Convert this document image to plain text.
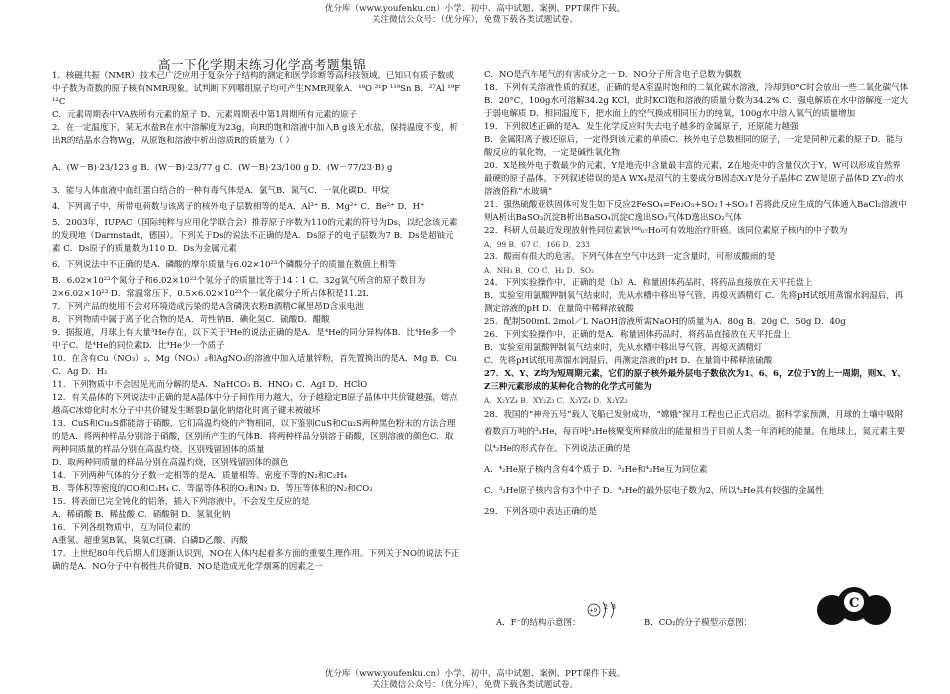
优分库（www.youfenku.cn）小学、初中、高中试题、案例、PPT课件下载。
关注微信公众号：（优分库），免费下载各类试题试卷。
高一下化学期末练习化学高考题集锦
1．核磁共振（NMR）技术已广泛应用于复杂分子结构的测定和医学诊断等高科技领域。已知只有质子数或中子数为奇数的原子核有NMR现象。试判断下列哪组原子均可产生NMR现象A．¹⁸O ³¹P ¹¹⁹Sn B．²⁷Al ¹⁹F ¹²C
C．元素周期表中VA族所有元素的原子 D．元素周期表中第1周期所有元素的原子
2．在一定温度下，某无水盐R在水中溶解度为23g，向R的饱和溶液中加入B g该无水盐，保持温度不变，析出R的结晶水合物Wg，从原饱和溶液中析出溶质R的质量为（ ）
A．(W－B)·23/123 g B．(W－B)·23/77 g C．(W－B)·23/100 g D．(W－77/23·B) g
3．能与人体血液中血红蛋白结合的一种有毒气体是A．氯气B．氮气C．一氧化碳D．甲烷
4．下列离子中，所带电荷数与该离子的核外电子层数相等的是A．Al³⁺ B．Mg²⁺ C．Be²⁺ D．H⁺
5．2003年，IUPAC（国际纯粹与应用化学联合会）推荐原子序数为110的元素的符号为Ds，以纪念该元素的发现地（Darmstadt，德国）。下列关于Ds的说法不正确的是A．Ds原子的电子层数为7 B．Ds是超铀元素 C．Ds原子的质量数为110 D．Ds为金属元素
6．下列说法中不正确的是A．磷酸的摩尔质量与6.02×10²³个磷酸分子的质量在数值上相等
B．6.02×10²³个氮分子和6.02×10²³个氢分子的质量比等于14∶1 C．32g氧气所含的原子数目为2×6.02×10²³ D．常温常压下，0.5×6.02×10²³个一氧化碳分子所占体积是11.2L
7．下列产品的使用不会对环境造成污染的是A含磷洗衣粉B酒精C氟里昂D含汞电池
8．下列物质中属于离子化合物的是A．苛性钠B．碘化氢C．硫酸D．醋酸
9．据报道，月球上有大量³He存在，以下关于³He的说法正确的是A．是⁴He的同分异构体B．比⁴He多一个中子C．是⁴He的同位素D．比⁴He少一个质子
10．在含有Cu（NO₃）₂、Mg（NO₃）₂和AgNO₃的溶液中加入适量锌粉，首先置换出的是A．Mg B．Cu C．Ag D．H₂
11．下列物质中不会因见光而分解的是A．NaHCO₃ B．HNO₃ C．AgI D．HClO
12．有关晶体的下列说法中正确的是A晶体中分子间作用力越大，分子越稳定B原子晶体中共价键越强，熔点越高C冰熔化时水分子中共价键发生断裂D氯化钠熔化时离子键未被破坏
13．CuS和Cu₂S都能溶于硝酸，它们高温灼烧的产物相同，以下鉴别CuS和Cu₂S两种黑色粉末的方法合理的是A．将两种样品分别溶于硝酸，区别所产生的气体B．将两种样品分别溶于硝酸，区别溶液的颜色C．取两种同质量的样品分别在高温灼烧，区别残留固体的质量
D．取两种同质量的样品分别在高温灼烧，区别残留固体的颜色
14．下列两种气体的分子数一定相等的是A．质量相等、密度不等的N₂和C₂H₄
B．等体积等密度的CO和C₂H₄ C．等温等体积的O₂和N₂ D．等压等体积的N₂和CO₂
15．将表面已完全钝化的铝条，插入下列溶液中，不会发生反应的是
A．稀硝酸 B．稀盐酸 C．硝酸铜 D．氢氧化钠
16．下列各组物质中，互为同位素的
A重氢、超重氢B氧、臭氧C红磷、白磷D乙酸、丙酸
17．上世纪80年代后期人们逐渐认识到，NO在人体内起着多方面的重要生理作用。下列关于NO的说法不正确的是A．NO分子中有极性共价键B．NO是造成光化学烟雾的因素之一
C．NO是汽车尾气的有害成分之一 D．NO分子所含电子总数为偶数
18．下列有关溶液性质的叙述，正确的是A室温时饱和的二氧化碳水溶液，冷却到0°C时会放出一些二氧化碳气体B．20°C，100g水可溶解34.2g KCl，此时KCl饱和溶液的质量分数为34.2% C．强电解质在水中溶解度一定大于弱电解质 D．相同温度下，把水面上的空气换成相同压力的纯氧，100g水中溶入氧气的质量增加
19．下列叙述正确的是A．发生化学反应时失去电子越多的金属原子，还原能力越强
B．金属阳离子被还原后，一定得到该元素的单质C．核外电子总数相同的原子，一定是同种元素的原子D．能与酸反应的氧化物，一定是碱性氧化物
20．X是核外电子数最少的元素，Y是地壳中含量最丰富的元素，Z在地壳中的含量仅次于Y，W可以形成自然界最硬的原子晶体。下列叙述错误的是A WX₄是沼气的主要成分B固态X₂Y是分子晶体C ZW是原子晶体D ZY₂的水溶液俗称“水玻璃”
21．强热硫酸亚铁固体可发生如下反应2FeSO₄=Fe₂O₃+SO₂↑+SO₃↑若将此反应生成的气体通入BaCl₂溶液中则A析出BaSO₃沉淀B析出BaSO₄沉淀C逸出SO₃气体D逸出SO₂气体
22．科研人员最近发现放射性同位素钬¹⁶⁶₆₇Ho可有效地治疗肝癌。该同位素原子核内的中子数为
A．99 B．67 C．166 D．233
23．酸雨有很大的危害。下列气体在空气中达到一定含量时，可形成酸雨的是
A．NH₃ B．CO C．H₂ D．SO₂
24．下列实验操作中，正确的是（b）A．称量固体药品时，将药品直接放在天平托盘上
B．实验室用氯酸钾制氧气结束时，先从水槽中移出导气管，再熄灭酒精灯 C．先将pH试纸用蒸馏水润湿后，再测定溶液的pH D．在量筒中稀释浓硫酸
25．配制500mL 2mol／L NaOH溶液所需NaOH的质量为A．80g B．20g C．50g D．40g
26．下列实验操作中，正确的是A．称量固体药品时，将药品直接放在天平托盘上
B．实验室用氯酸钾制氧气结束时，先从水槽中移出导气管，再熄灭酒精灯
C．先将pH试纸用蒸馏水润湿后，再测定溶液的pH D．在量筒中稀释浓硫酸
27．X、Y、Z均为短周期元素，它们的原子核外最外层电子数依次为1、6、6，Z位于Y的上一周期，则X、Y、Z三种元素形成的某种化合物的化学式可能为
A．X₂YZ₄ B．XY₂Z₃ C．X₃YZ₄ D．X₂YZ₃
28．我国的“神舟五号”载人飞船已发射成功，“嫦娥”探月工程也已正式启动。据科学家预测，月球的土壤中吸附着数百万吨的³₂He，每百吨³₂He核聚变所释放出的能量相当于目前人类一年消耗的能量。在地球上，氦元素主要以⁴₂He的形式存在。下列说法正确的是
A．⁴₂He原子核内含有4个质子 D．³₂He和⁴₂He互为同位素
C．³₂He原子核内含有3个中子 D．⁴₂He的最外层电子数为2，所以⁴₂He具有较强的金属性
29．下列各项中表达正确的是
A．F⁻的结构示意图：
+9 2 8
B．CO₂的分子模型示意图：
C
优分库（www.youfenku.cn）小学、初中、高中试题、案例、PPT课件下载。
关注微信公众号：（优分库），免费下载各类试题试卷。
